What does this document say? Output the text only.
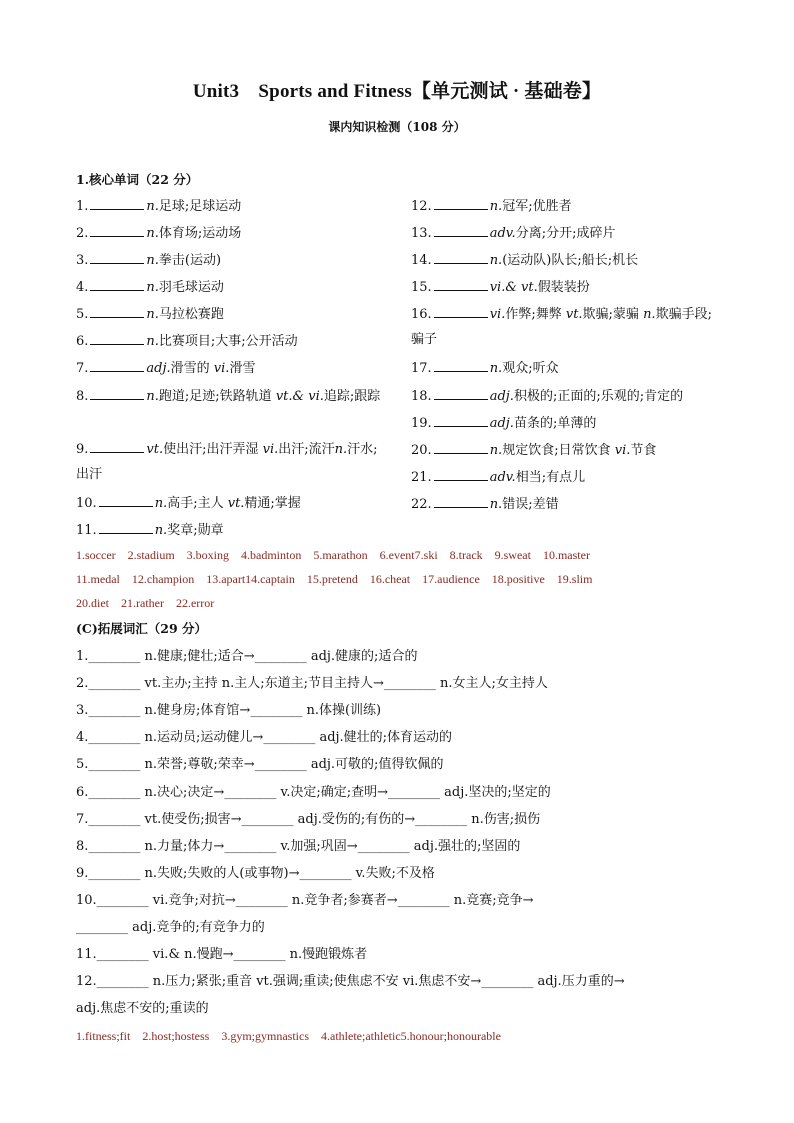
Unit3　Sports and Fitness【单元测试 · 基础卷】
课内知识检测（108 分）
1.核心单词（22 分）
(C)拓展词汇（29 分）
1.	n.足球;足球运动
2.	n.体育场;运动场
3.	n.拳击(运动)
4.	n.羽毛球运动
5.	n.马拉松赛跑
6.	n.比赛项目;大事;公开活动
7.	adj.滑雪的 vi.滑雪
8.	n.跑道;足迹;铁路轨道 vt.& vi.追踪;跟踪
9.	vt.使出汗;出汗弄湿 vi.出汗;流汗n.汗水;
出汗
10.	n.高手;主人 vt.精通;掌握
11.	n.奖章;勋章
12.	n.冠军;优胜者
13.	adv.分离;分开;成碎片
14.	n.(运动队)队长;船长;机长
15.	vi.& vt.假装装扮
16.	vi.作弊;舞弊 vt.欺骗;蒙骗 n.欺骗手段;
骗子
17.	n.观众;听众
18.	adj.积极的;正面的;乐观的;肯定的
19.	adj.苗条的;单薄的
20.	n.规定饮食;日常饮食 vi.节食
21.	adv.相当;有点儿
22.	n.错误;差错
1.soccer 2.stadium 3.boxing 4.badminton 5.marathon 6.event7.ski 8.track 9.sweat 10.master
11.medal 12.champion 13.apart14.captain 15.pretend 16.cheat 17.audience 18.positive 19.slim
20.diet 21.rather 22.error
1.________ n.健康;健壮;适合→________ adj.健康的;适合的
2.________ vt.主办;主持 n.主人;东道主;节目主持人→________ n.女主人;女主持人
3.________ n.健身房;体育馆→________ n.体操(训练)
4.________ n.运动员;运动健儿→________ adj.健壮的;体育运动的
5.________ n.荣誉;尊敬;荣幸→________ adj.可敬的;值得钦佩的
6.________ n.决心;决定→________ v.决定;确定;查明→________ adj.坚决的;坚定的
7.________ vt.使受伤;损害→________ adj.受伤的;有伤的→________ n.伤害;损伤
8.________ n.力量;体力→________ v.加强;巩固→________ adj.强壮的;坚固的
9.________ n.失败;失败的人(或事物)→________ v.失败;不及格
10.________ vi.竞争;对抗→________ n.竞争者;参赛者→________ n.竞赛;竞争→
________ adj.竞争的;有竞争力的
11.________ vi.& n.慢跑→________ n.慢跑锻炼者
12.________ n.压力;紧张;重音 vt.强调;重读;使焦虑不安 vi.焦虑不安→________ adj.压力重的→
adj.焦虑不安的;重读的
1.fitness;fit 2.host;hostess 3.gym;gymnastics 4.athlete;athletic5.honour;honourable
